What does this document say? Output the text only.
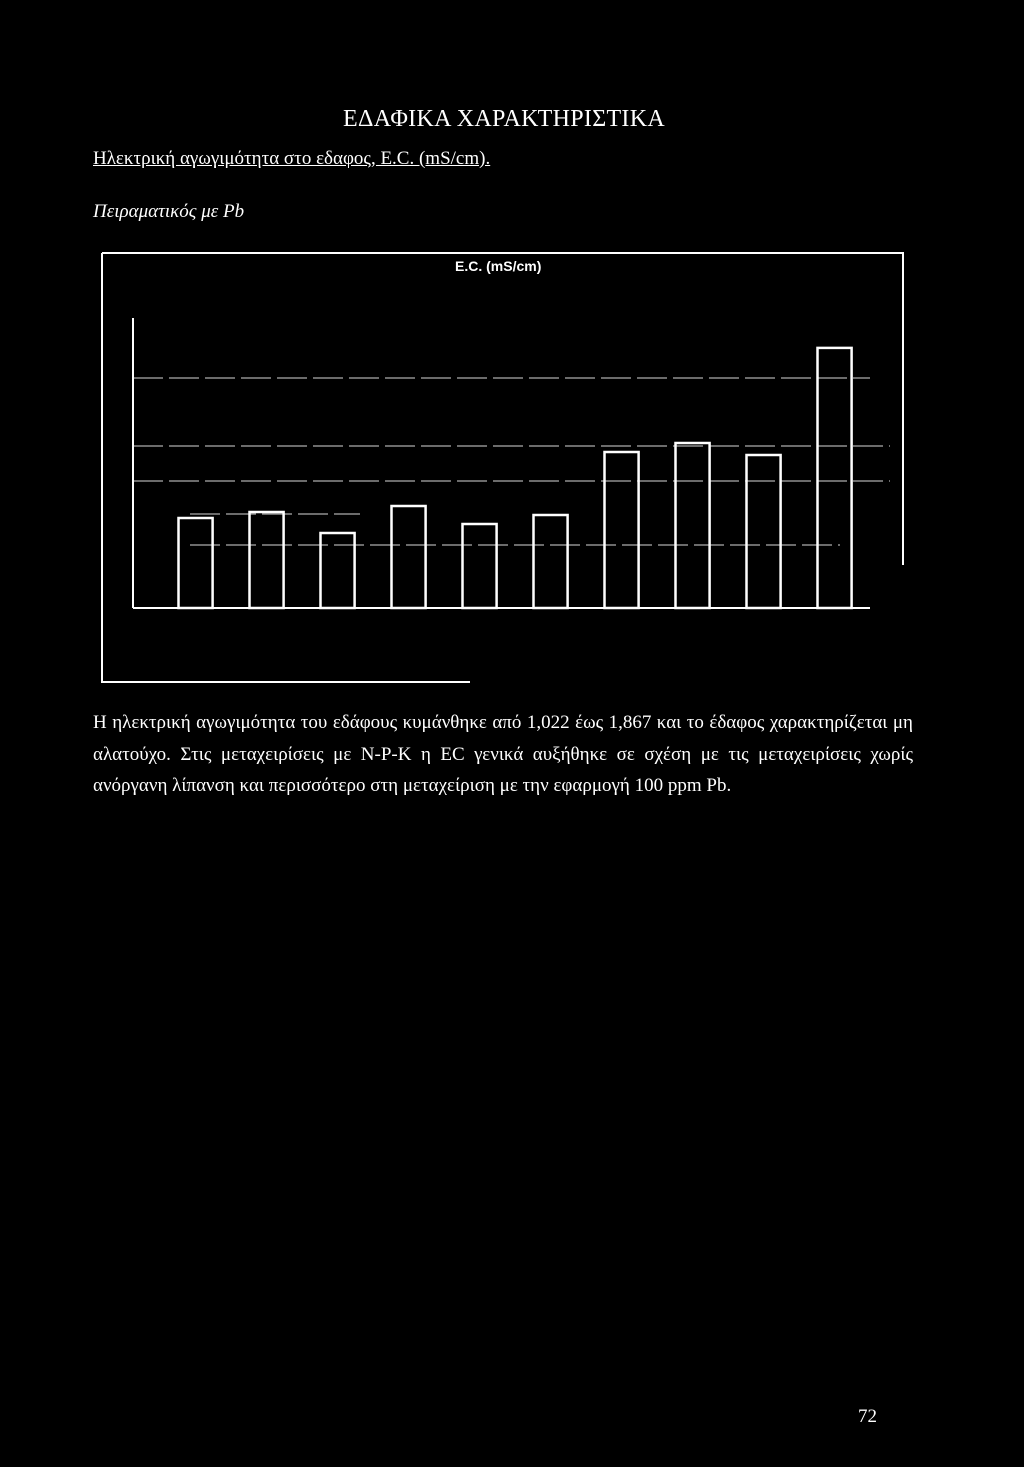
ΕΔΑΦΙΚΑ ΧΑΡΑΚΤΗΡΙΣΤΙΚΑ
Ηλεκτρική αγωγιμότητα στο εδαφος, Ε.C. (mS/cm).
Πειραματικός με Pb
E.C. (mS/cm)

Η ηλεκτρική αγωγιμότητα του εδάφους κυμάνθηκε από 1,022 έως 1,867 και το έδαφος χαρακτηρίζεται μη αλατούχο. Στις μεταχειρίσεις με N-P-K η EC γενικά αυξήθηκε σε σχέση με τις μεταχειρίσεις χωρίς ανόργανη λίπανση και περισσότερο στη μεταχείριση με την εφαρμογή 100 ppm Pb.

72
